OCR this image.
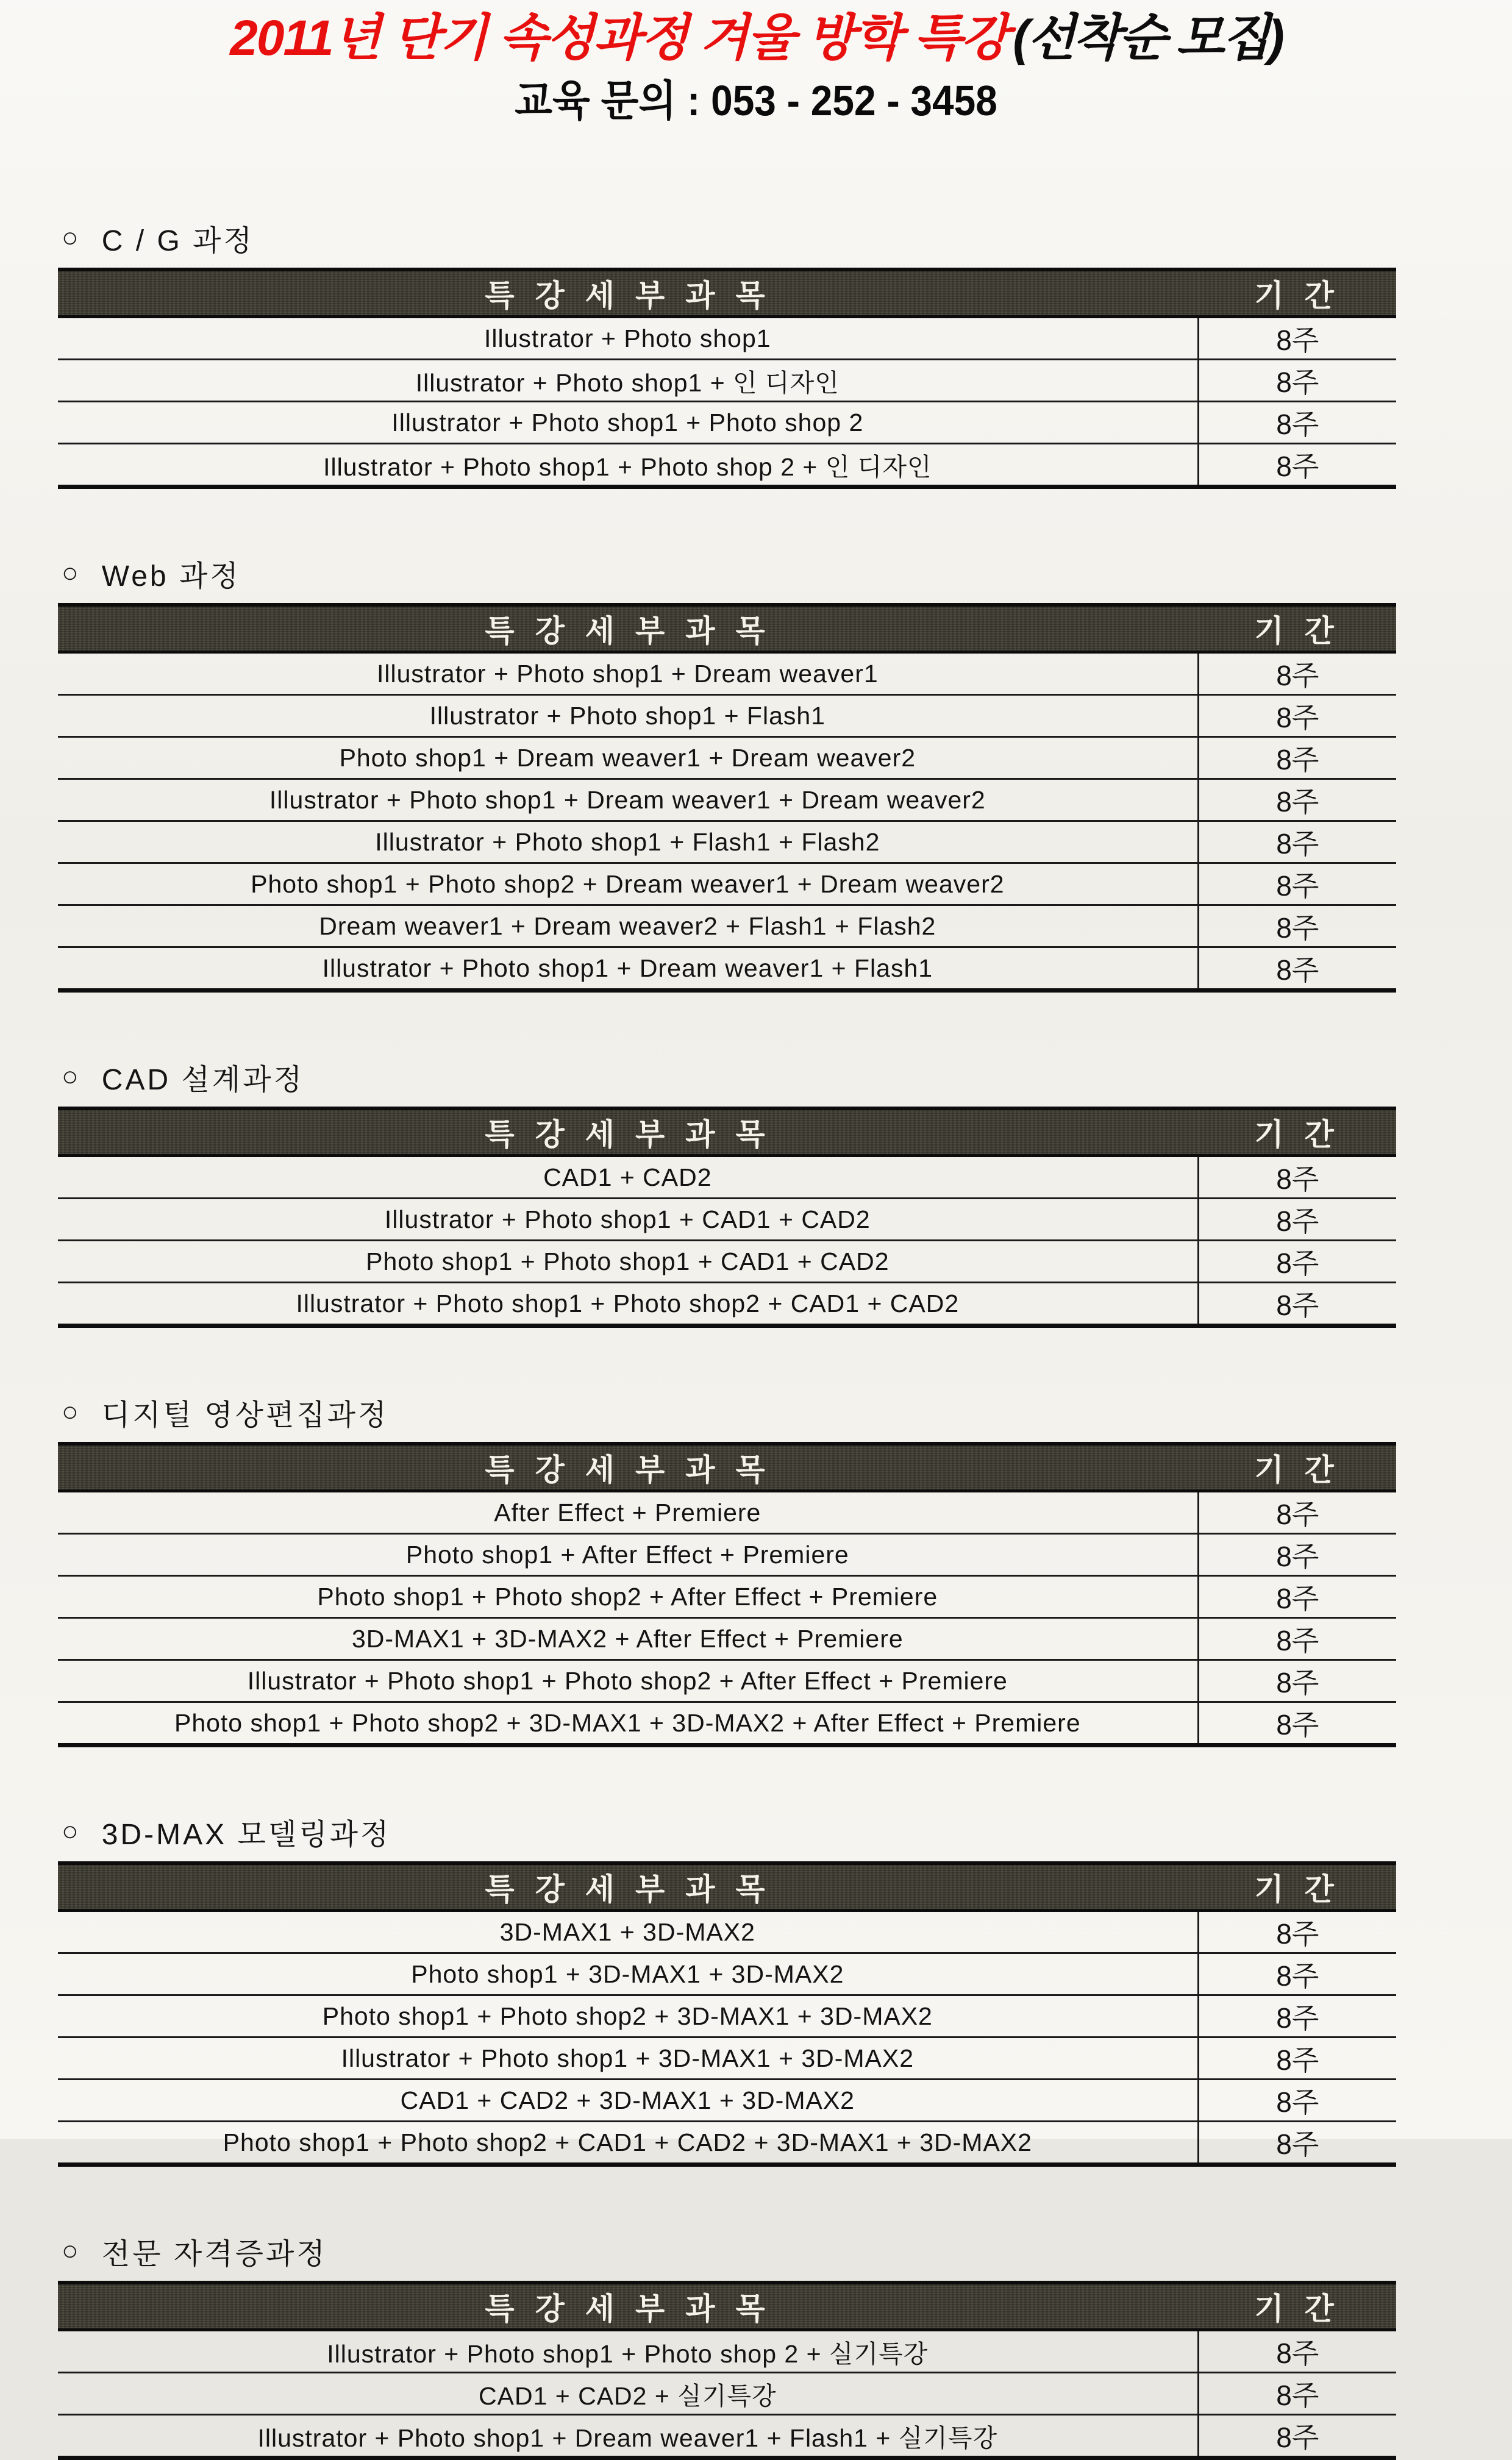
2011년 단기 속성과정 겨울 방학 특강(선착순 모집)
교육 문의 : 053 - 252 - 3458
○ C / G 과정
특 강 세 부 과 목	기 간
Illustrator + Photo shop1	8주
Illustrator + Photo shop1 + 인 디자인	8주
Illustrator + Photo shop1 + Photo shop 2	8주
Illustrator + Photo shop1 + Photo shop 2 + 인 디자인	8주
○ Web 과정
특 강 세 부 과 목	기 간
Illustrator + Photo shop1 + Dream weaver1	8주
Illustrator + Photo shop1 + Flash1	8주
Photo shop1 + Dream weaver1 + Dream weaver2	8주
Illustrator + Photo shop1 + Dream weaver1 + Dream weaver2	8주
Illustrator + Photo shop1 + Flash1 + Flash2	8주
Photo shop1 + Photo shop2 + Dream weaver1 + Dream weaver2	8주
Dream weaver1 + Dream weaver2 + Flash1 + Flash2	8주
Illustrator + Photo shop1 + Dream weaver1 + Flash1	8주
○ CAD 설계과정
특 강 세 부 과 목	기 간
CAD1 + CAD2	8주
Illustrator + Photo shop1 + CAD1 + CAD2	8주
Photo shop1 + Photo shop1 + CAD1 + CAD2	8주
Illustrator + Photo shop1 + Photo shop2 + CAD1 + CAD2	8주
○ 디지털 영상편집과정
특 강 세 부 과 목	기 간
After Effect + Premiere	8주
Photo shop1 + After Effect + Premiere	8주
Photo shop1 + Photo shop2 + After Effect + Premiere	8주
3D-MAX1 + 3D-MAX2 + After Effect + Premiere	8주
Illustrator + Photo shop1 + Photo shop2 + After Effect + Premiere	8주
Photo shop1 + Photo shop2 + 3D-MAX1 + 3D-MAX2 + After Effect + Premiere	8주
○ 3D-MAX 모델링과정
특 강 세 부 과 목	기 간
3D-MAX1 + 3D-MAX2	8주
Photo shop1 + 3D-MAX1 + 3D-MAX2	8주
Photo shop1 + Photo shop2 + 3D-MAX1 + 3D-MAX2	8주
Illustrator + Photo shop1 + 3D-MAX1 + 3D-MAX2	8주
CAD1 + CAD2 + 3D-MAX1 + 3D-MAX2	8주
Photo shop1 + Photo shop2 + CAD1 + CAD2 + 3D-MAX1 + 3D-MAX2	8주
○ 전문 자격증과정
특 강 세 부 과 목	기 간
Illustrator + Photo shop1 + Photo shop 2 + 실기특강	8주
CAD1 + CAD2 + 실기특강	8주
Illustrator + Photo shop1 + Dream weaver1 + Flash1 + 실기특강	8주
